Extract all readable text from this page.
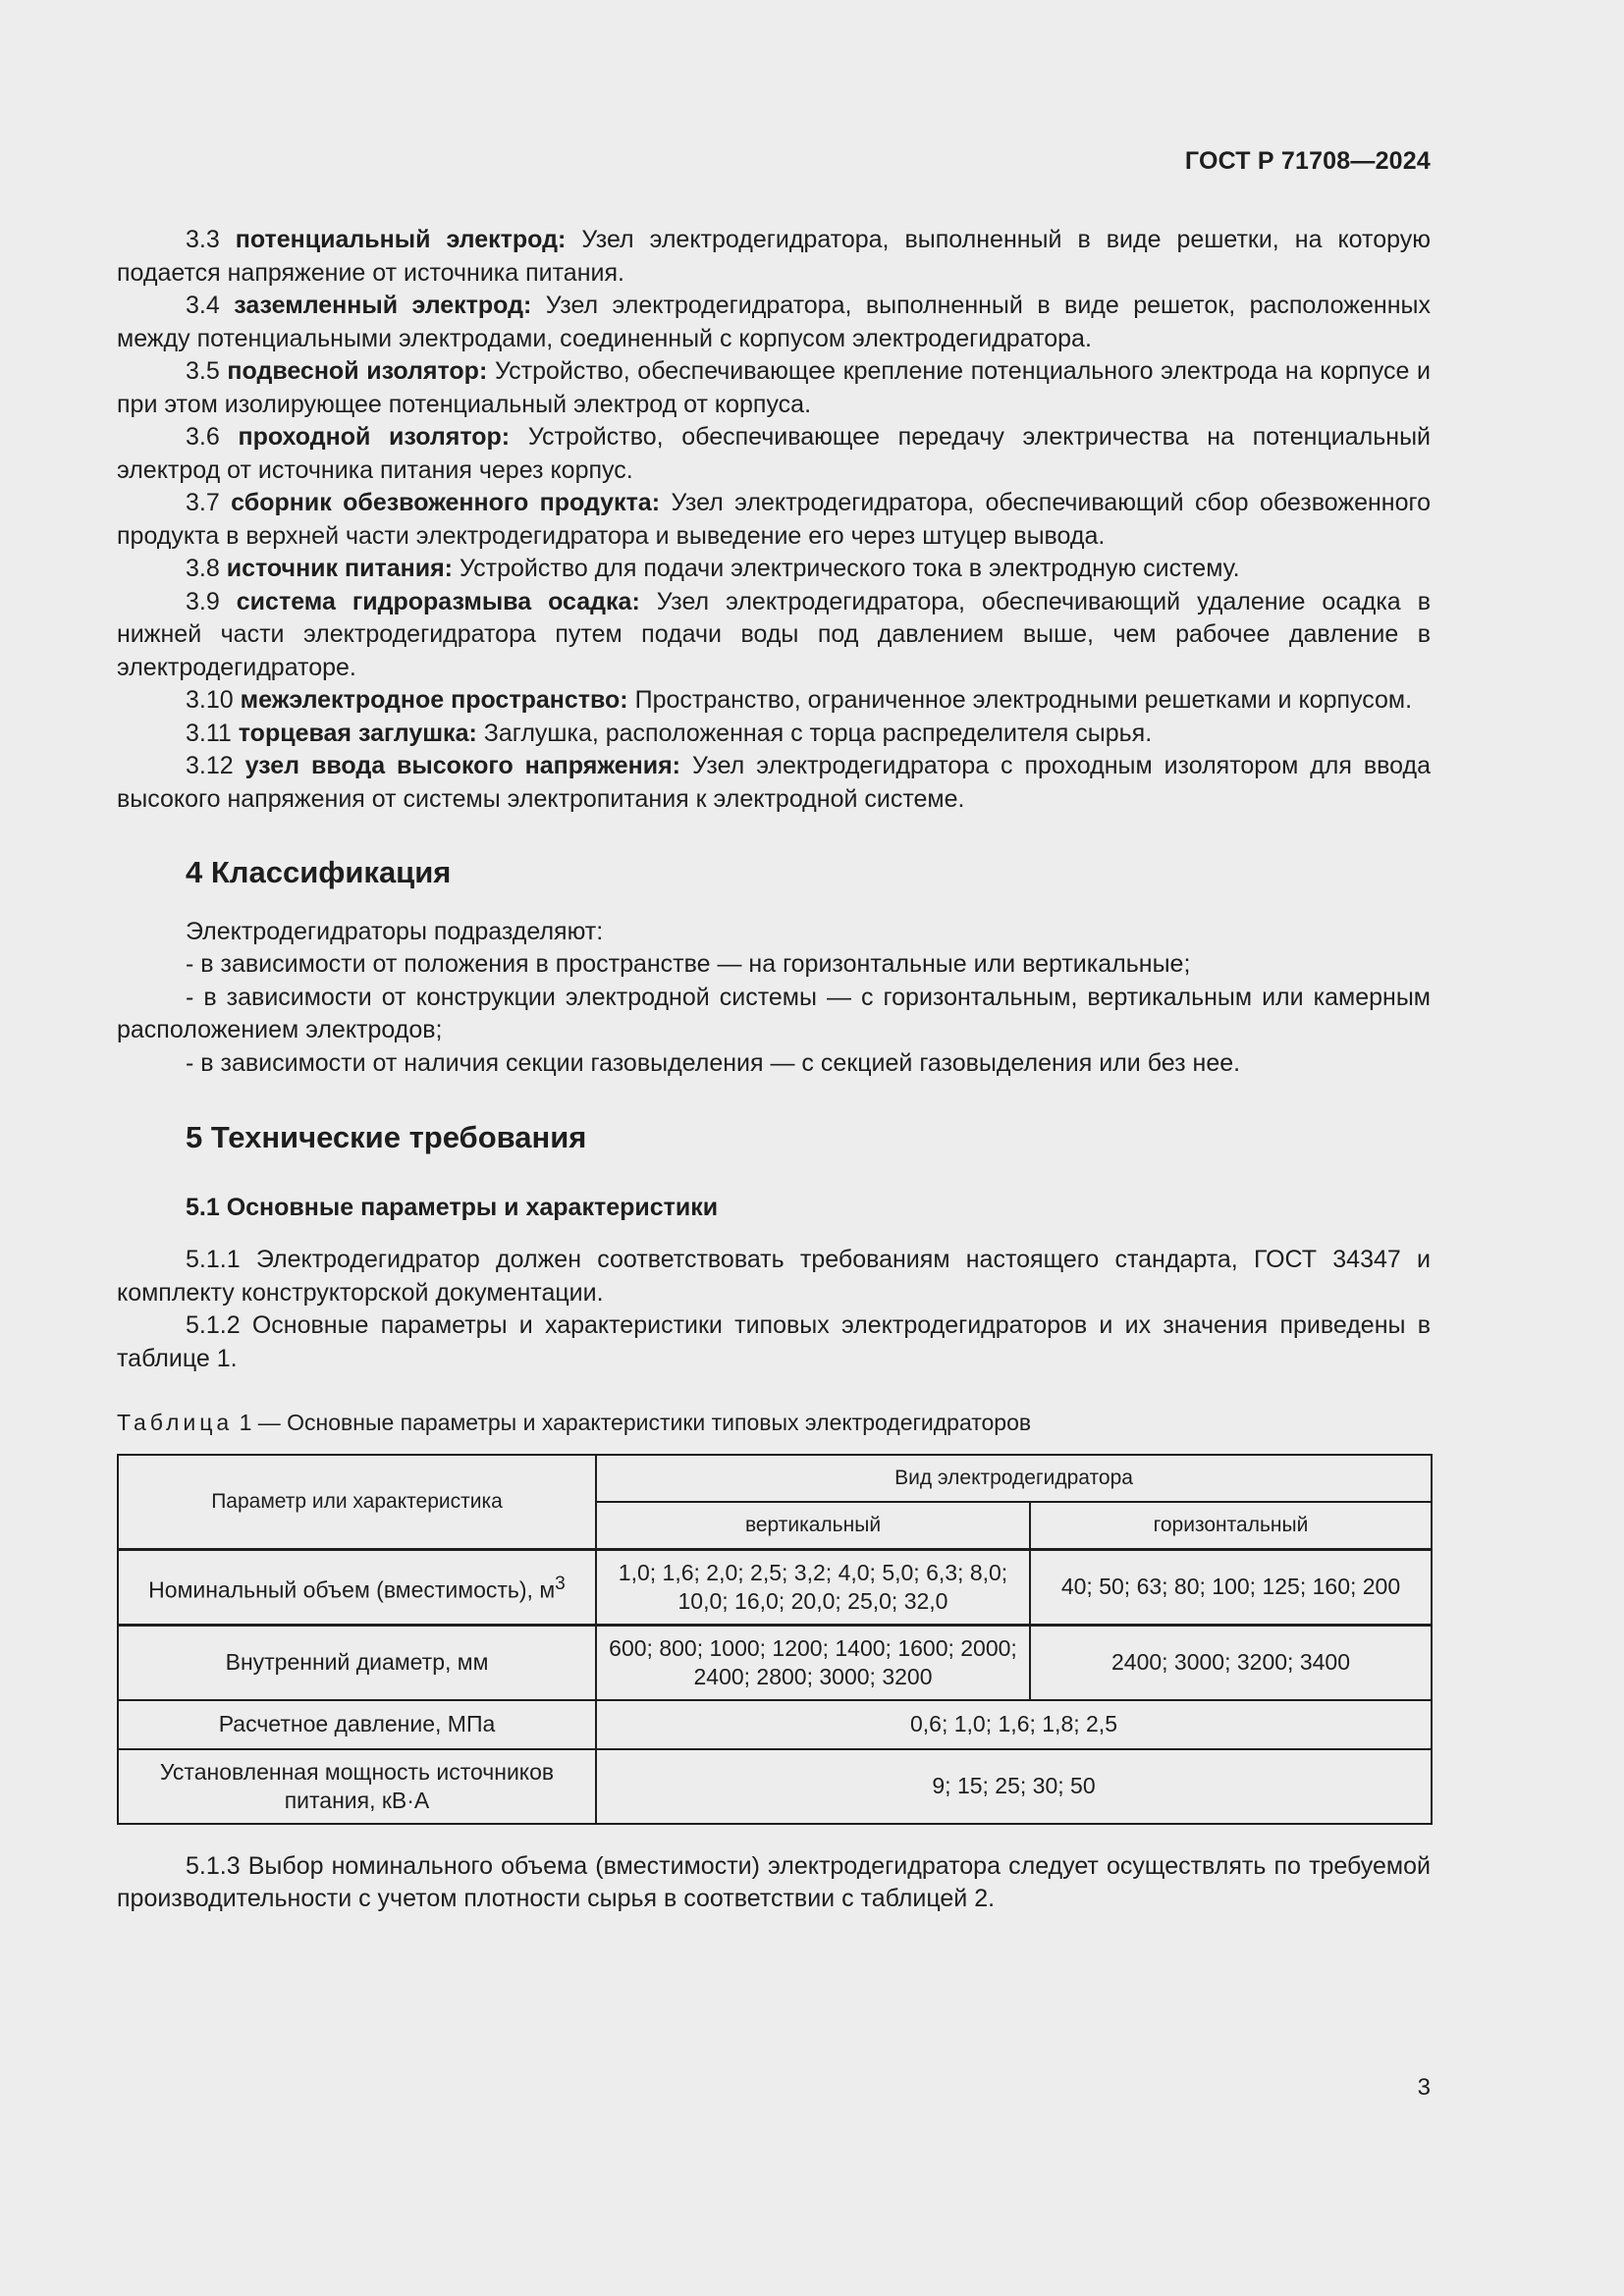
ГОСТ Р 71708—2024

3.3 потенциальный электрод: Узел электродегидратора, выполненный в виде решетки, на которую подается напряжение от источника питания.

3.4 заземленный электрод: Узел электродегидратора, выполненный в виде решеток, расположенных между потенциальными электродами, соединенный с корпусом электродегидратора.

3.5 подвесной изолятор: Устройство, обеспечивающее крепление потенциального электрода на корпусе и при этом изолирующее потенциальный электрод от корпуса.

3.6 проходной изолятор: Устройство, обеспечивающее передачу электричества на потенциальный электрод от источника питания через корпус.

3.7 сборник обезвоженного продукта: Узел электродегидратора, обеспечивающий сбор обезвоженного продукта в верхней части электродегидратора и выведение его через штуцер вывода.

3.8 источник питания: Устройство для подачи электрического тока в электродную систему.

3.9 система гидроразмыва осадка: Узел электродегидратора, обеспечивающий удаление осадка в нижней части электродегидратора путем подачи воды под давлением выше, чем рабочее давление в электродегидраторе.

3.10 межэлектродное пространство: Пространство, ограниченное электродными решетками и корпусом.

3.11 торцевая заглушка: Заглушка, расположенная с торца распределителя сырья.

3.12 узел ввода высокого напряжения: Узел электродегидратора с проходным изолятором для ввода высокого напряжения от системы электропитания к электродной системе.

4 Классификация

Электродегидраторы подразделяют:

- в зависимости от положения в пространстве — на горизонтальные или вертикальные;

- в зависимости от конструкции электродной системы — с горизонтальным, вертикальным или камерным расположением электродов;

- в зависимости от наличия секции газовыделения — с секцией газовыделения или без нее.

5 Технические требования
5.1 Основные параметры и характеристики

5.1.1 Электродегидратор должен соответствовать требованиям настоящего стандарта, ГОСТ 34347 и комплекту конструкторской документации.

5.1.2 Основные параметры и характеристики типовых электродегидраторов и их значения приведены в таблице 1.

Таблица 1 — Основные параметры и характеристики типовых электродегидраторов

Параметр или характеристика	Вид электродегидратора	
	вертикальный	горизонтальный
Номинальный объем (вместимость), $м^3$	1,0; 1,6; 2,0; 2,5; 3,2; 4,0; 5,0; 6,3; 8,0; 10,0; 16,0; 20,0; 25,0; 32,0	40; 50; 63; 80; 100; 125; 160; 200
Внутренний диаметр, мм	600; 800; 1000; 1200; 1400; 1600; 2000; 2400; 2800; 3000; 3200	2400; 3000; 3200; 3400
Расчетное давление, МПа	0,6; 1,0; 1,6; 1,8; 2,5	
Установленная мощность источников питания, кВ·А	9; 15; 25; 30; 50	

5.1.3 Выбор номинального объема (вместимости) электродегидратора следует осуществлять по требуемой производительности с учетом плотности сырья в соответствии с таблицей 2.

3
